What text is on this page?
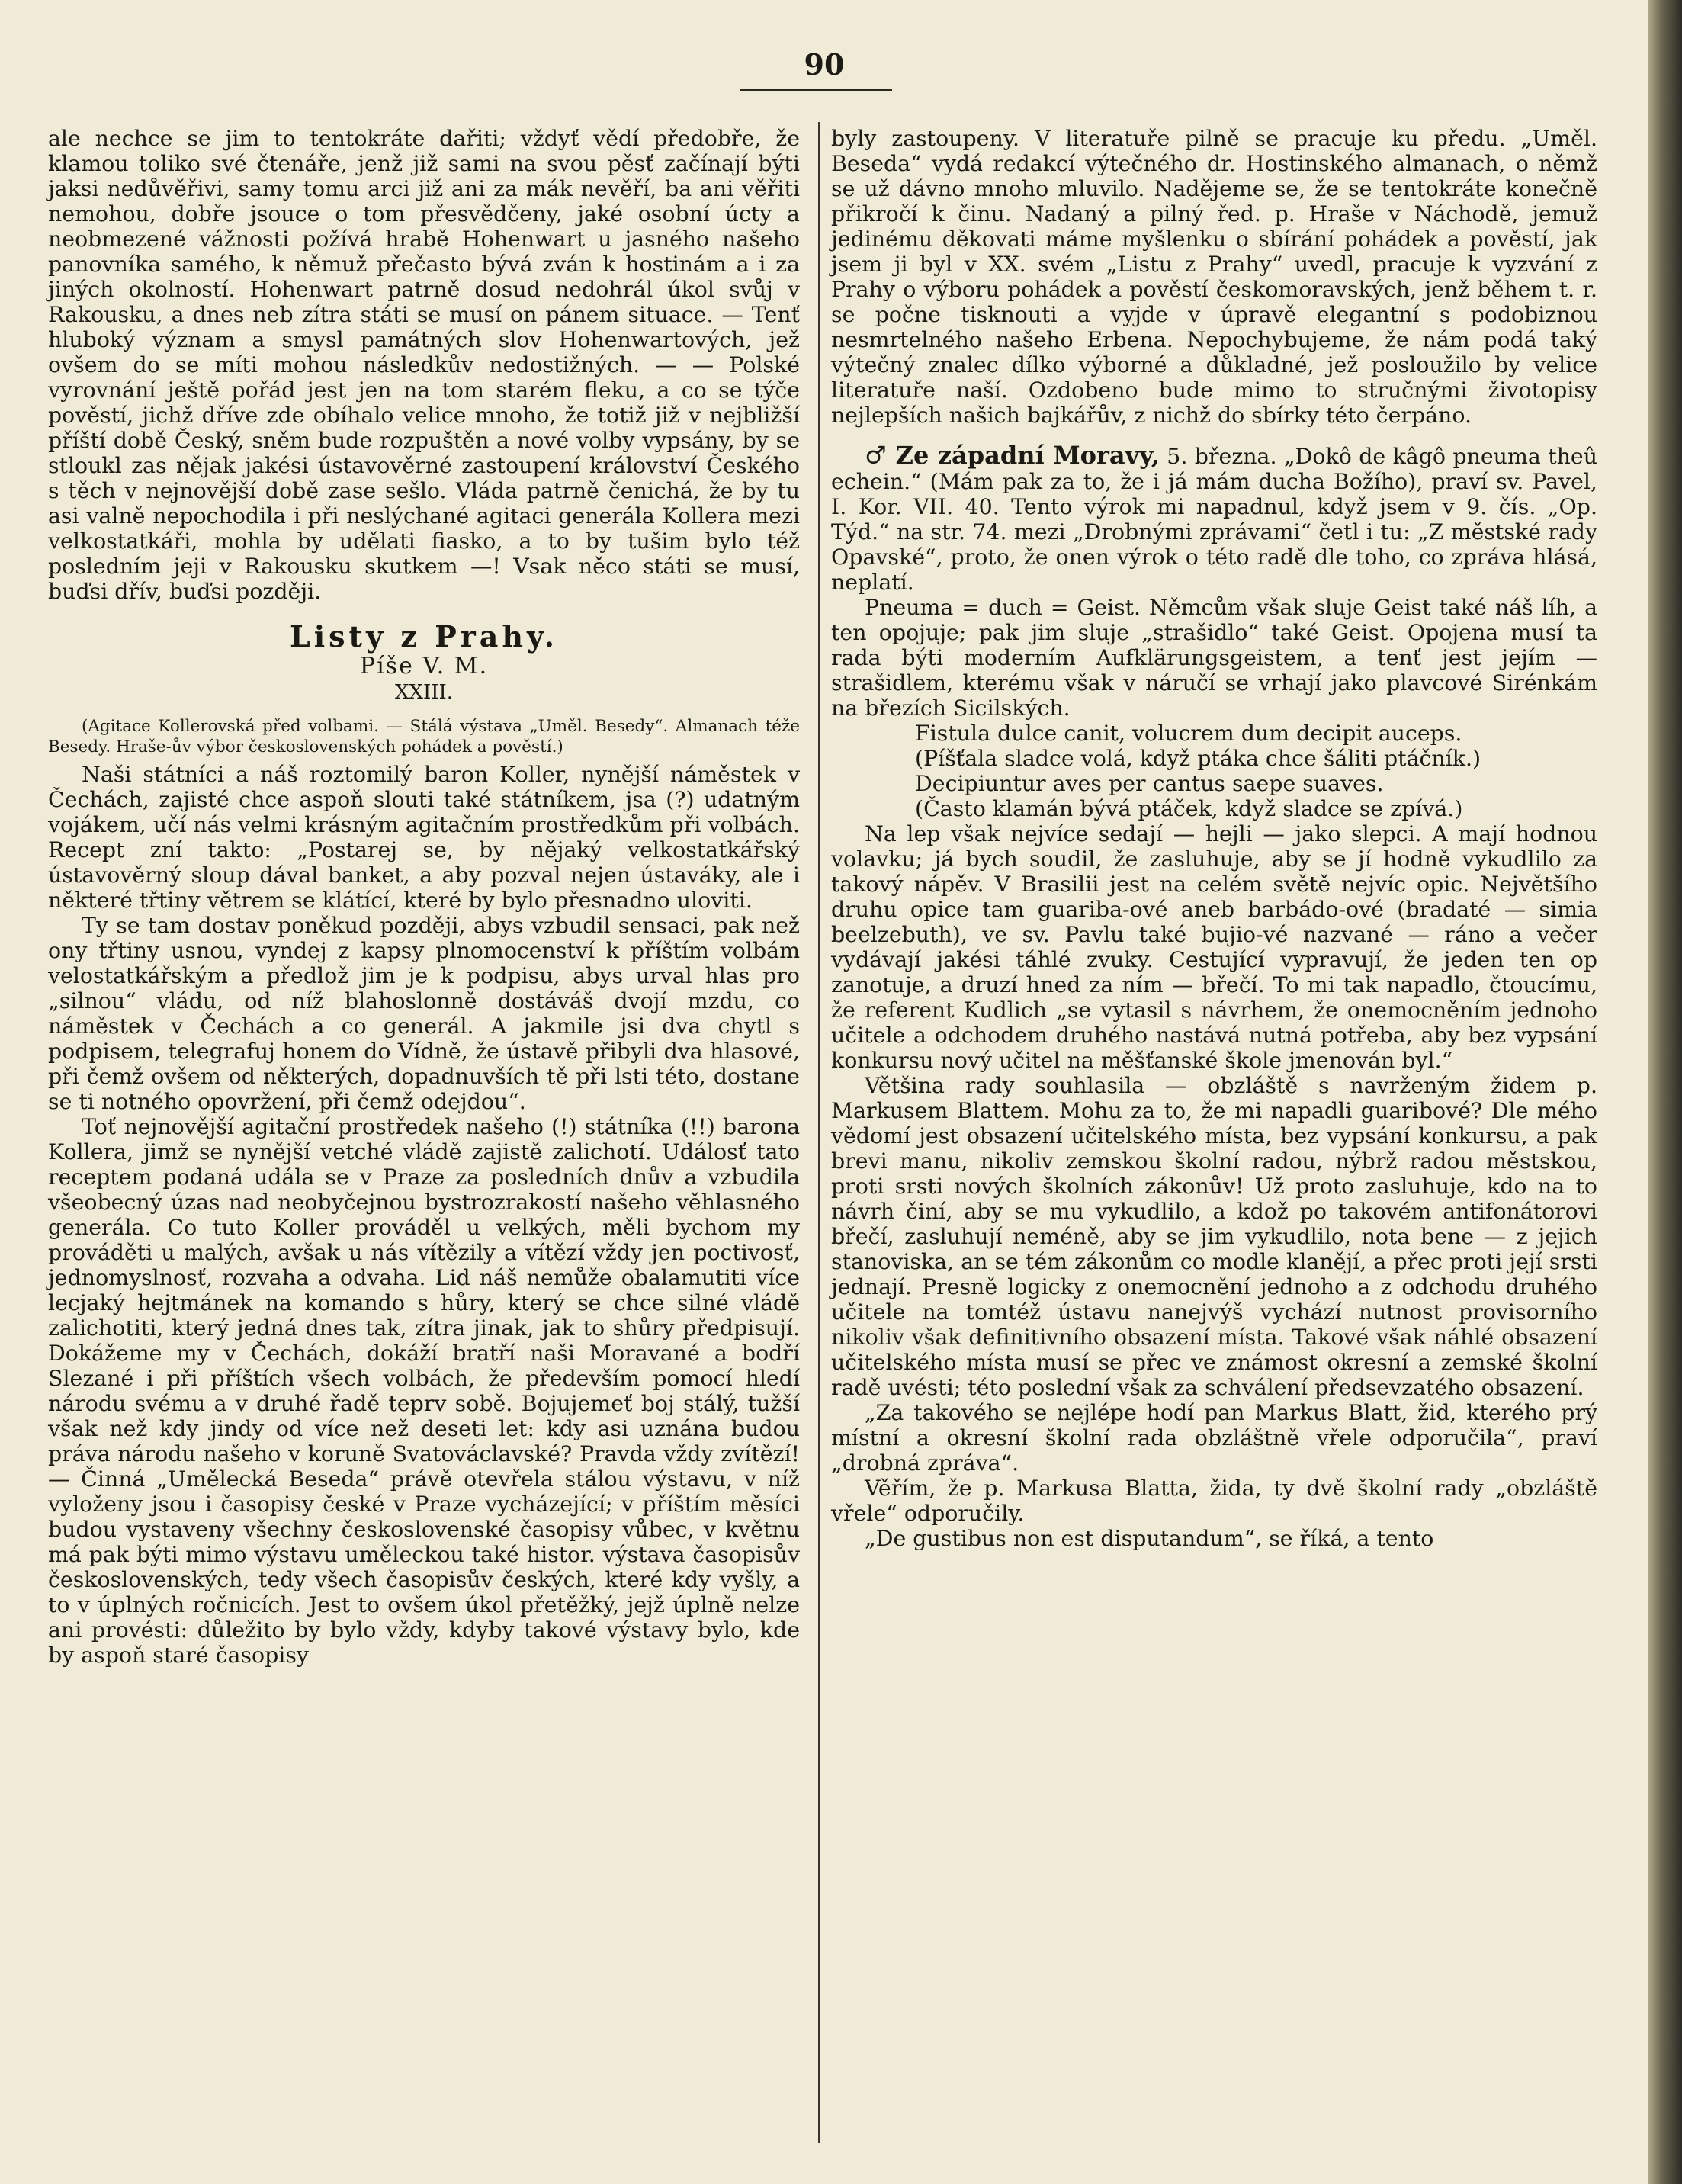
90

ale nechce se jim to tentokráte dařiti; vždyť vědí předobře, že klamou toliko své čtenáře, jenž již sami na svou pěsť začínají býti jaksi nedůvěřivi, samy tomu arci již ani za mák nevěří, ba ani věřiti nemohou, dobře jsouce o tom přesvědčeny, jaké osobní úcty a neobmezené vážnosti požívá hrabě Hohenwart u jasného našeho panovníka samého, k němuž přečasto bývá zván k hostinám a i za jiných okolností. Hohenwart patrně dosud nedohrál úkol svůj v Rakousku, a dnes neb zítra státi se musí on pánem situace. — Tenť hluboký význam a smysl památných slov Hohenwartových, jež ovšem do se míti mohou následkův nedostižných. — — Polské vyrovnání ještě pořád jest jen na tom starém fleku, a co se týče pověstí, jichž dříve zde obíhalo velice mnoho, že totiž již v nejbližší příští době Český, sněm bude rozpuštěn a nové volby vypsány, by se stloukl zas nějak jakési ústavověrné zastoupení království Českého s těch v nejnovější době zase sešlo. Vláda patrně čenichá, že by tu asi valně nepochodila i při neslýchané agitaci generála Kollera mezi velkostatkáři, mohla by udělati fiasko, a to by tušim bylo též posledním jeji v Rakousku skutkem —! Vsak něco státi se musí, buďsi dřív, buďsi později.

Listy z Prahy.
Píše V. M.
XXIII.

(Agitace Kollerovská před volbami. — Stálá výstava „Uměl. Besedy“. Almanach téže Besedy. Hraše-ův výbor československých pohádek a pověstí.)

Naši státníci a náš roztomilý baron Koller, nynější náměstek v Čechách, zajisté chce aspoň slouti také státníkem, jsa (?) udatným vojákem, učí nás velmi krásným agitačním prostředkům při volbách. Recept zní takto: „Postarej se, by nějaký velkostatkářský ústavověrný sloup dával banket, a aby pozval nejen ústaváky, ale i některé třtiny větrem se klátící, které by bylo přesnadno uloviti.

Ty se tam dostav poněkud později, abys vzbudil sensaci, pak než ony třtiny usnou, vyndej z kapsy plnomocenství k příštím volbám velostatkářským a předlož jim je k podpisu, abys urval hlas pro „silnou“ vládu, od níž blahoslonně dostáváš dvojí mzdu, co náměstek v Čechách a co generál. A jakmile jsi dva chytl s podpisem, telegrafuj honem do Vídně, že ústavě přibyli dva hlasové, při čemž ovšem od některých, dopadnuvších tě při lsti této, dostane se ti notného opovržení, při čemž odejdou“.

Toť nejnovější agitační prostředek našeho (!) státníka (!!) barona Kollera, jimž se nynější vetché vládě zajistě zalichotí. Událosť tato receptem podaná udála se v Praze za posledních dnův a vzbudila všeobecný úzas nad neobyčejnou bystrozrakostí našeho věhlasného generála. Co tuto Koller prováděl u velkých, měli bychom my prováděti u malých, avšak u nás vítězily a vítězí vždy jen poctivosť, jednomyslnosť, rozvaha a odvaha. Lid náš nemůže obalamutiti více lecjaký hejtmánek na komando s hůry, který se chce silné vládě zalichotiti, který jedná dnes tak, zítra jinak, jak to shůry předpisují. Dokážeme my v Čechách, dokáží bratří naši Moravané a bodří Slezané i při příštích všech volbách, že především pomocí hledí národu svému a v druhé řadě teprv sobě. Bojujemeť boj stálý, tužší však než kdy jindy od více než deseti let: kdy asi uznána budou práva národu našeho v koruně Svatováclavské? Pravda vždy zvítězí! — Činná „Umělecká Beseda“ právě otevřela stálou výstavu, v níž vyloženy jsou i časopisy české v Praze vycházející; v příštím měsíci budou vystaveny všechny československé časopisy vůbec, v květnu má pak býti mimo výstavu uměleckou také histor. výstava časopisův československých, tedy všech časopisův českých, které kdy vyšly, a to v úplných ročnicích. Jest to ovšem úkol přetěžký, jejž úplně nelze ani provésti: důležito by bylo vždy, kdyby takové výstavy bylo, kde by aspoň staré časopisy

byly zastoupeny. V literatuře pilně se pracuje ku předu. „Uměl. Beseda“ vydá redakcí výtečného dr. Hostinského almanach, o němž se už dávno mnoho mluvilo. Nadějeme se, že se tentokráte konečně přikročí k činu. Nadaný a pilný řed. p. Hraše v Náchodě, jemuž jedinému děkovati máme myšlenku o sbírání pohádek a pověstí, jak jsem ji byl v XX. svém „Listu z Prahy“ uvedl, pracuje k vyzvání z Prahy o výboru pohádek a pověstí českomoravských, jenž během t. r. se počne tisknouti a vyjde v úpravě elegantní s podobiznou nesmrtelného našeho Erbena. Nepochybujeme, že nám podá taký výtečný znalec dílko výborné a důkladné, jež posloužilo by velice literatuře naší. Ozdobeno bude mimo to stručnými životopisy nejlepších našich bajkářův, z nichž do sbírky této čerpáno.

♂ Ze západní Moravy, 5. března. „Dokô de kâgô pneuma theû echein.“ (Mám pak za to, že i já mám ducha Božího), praví sv. Pavel, I. Kor. VII. 40. Tento výrok mi napadnul, když jsem v 9. čís. „Op. Týd.“ na str. 74. mezi „Drobnými zprávami“ četl i tu: „Z městské rady Opavské“, proto, že onen výrok o této radě dle toho, co zpráva hlásá, neplatí.

Pneuma = duch = Geist. Němcům však sluje Geist také náš líh, a ten opojuje; pak jim sluje „strašidlo“ také Geist. Opojena musí ta rada býti moderním Aufklärungsgeistem, a tenť jest jejím — strašidlem, kterému však v náručí se vrhají jako plavcové Sirénkám na březích Sicilských.

Fistula dulce canit, volucrem dum decipit auceps.

(Píšťala sladce volá, když ptáka chce šáliti ptáčník.)

Decipiuntur aves per cantus saepe suaves.

(Často klamán bývá ptáček, když sladce se zpívá.)

Na lep však nejvíce sedají — hejli — jako slepci. A mají hodnou volavku; já bych soudil, že zasluhuje, aby se jí hodně vykudlilo za takový nápěv. V Brasilii jest na celém světě nejvíc opic. Největšího druhu opice tam guariba-ové aneb barbádo-ové (bradaté — simia beelzebuth), ve sv. Pavlu také bujio-vé nazvané — ráno a večer vydávají jakési táhlé zvuky. Cestující vypravují, že jeden ten op zanotuje, a druzí hned za ním — břečí. To mi tak napadlo, čtoucímu, že referent Kudlich „se vytasil s návrhem, že onemocněním jednoho učitele a odchodem druhého nastává nutná potřeba, aby bez vypsání konkursu nový učitel na měšťanské škole jmenován byl.“

Většina rady souhlasila — obzláště s navrženým židem p. Markusem Blattem. Mohu za to, že mi napadli guaribové? Dle mého vědomí jest obsazení učitelského místa, bez vypsání konkursu, a pak brevi manu, nikoliv zemskou školní radou, nýbrž radou městskou, proti srsti nových školních zákonův! Už proto zasluhuje, kdo na to návrh činí, aby se mu vykudlilo, a kdož po takovém antifonátorovi břečí, zasluhují neméně, aby se jim vykudlilo, nota bene — z jejich stanoviska, an se tém zákonům co modle klanějí, a přec proti její srsti jednají. Presně logicky z onemocnění jednoho a z odchodu druhého učitele na tomtéž ústavu nanejvýš vychází nutnost provisorního nikoliv však definitivního obsazení místa. Takové však náhlé obsazení učitelského místa musí se přec ve známost okresní a zemské školní radě uvésti; této poslední však za schválení předsevzatého obsazení.

„Za takového se nejlépe hodí pan Markus Blatt, žid, kterého prý místní a okresní školní rada obzláštně vřele odporučila“, praví „drobná zpráva“.

Věřím, že p. Markusa Blatta, žida, ty dvě školní rady „obzláště vřele“ odporučily.

„De gustibus non est disputandum“, se říká, a tento
